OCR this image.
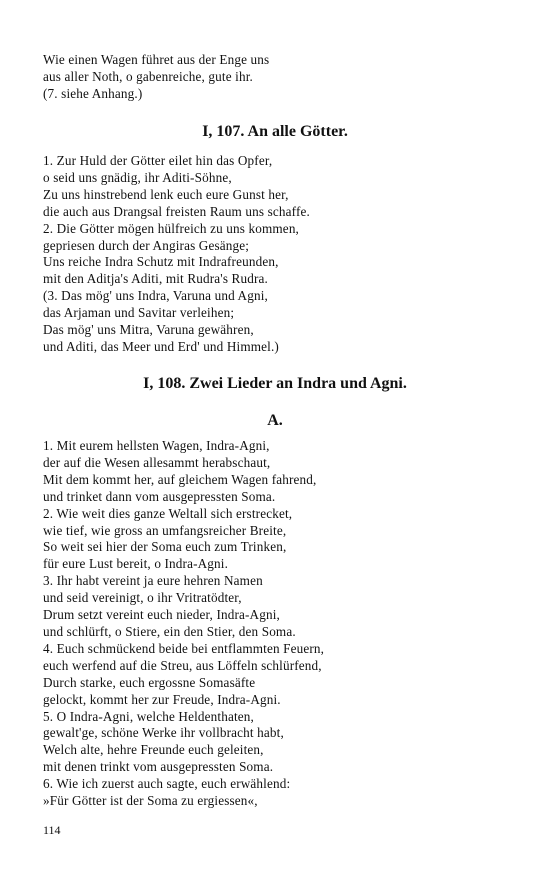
Wie einen Wagen führet aus der Enge uns
aus aller Noth, o gabenreiche, gute ihr.
(7. siehe Anhang.)
I, 107. An alle Götter.
1. Zur Huld der Götter eilet hin das Opfer,
o seid uns gnädig, ihr Aditi-Söhne,
Zu uns hinstrebend lenk euch eure Gunst her,
die auch aus Drangsal freisten Raum uns schaffe.
2. Die Götter mögen hülfreich zu uns kommen,
gepriesen durch der Angiras Gesänge;
Uns reiche Indra Schutz mit Indrafreunden,
mit den Aditja's Aditi, mit Rudra's Rudra.
(3. Das mög' uns Indra, Varuna und Agni,
das Arjaman und Savitar verleihen;
Das mög' uns Mitra, Varuna gewähren,
und Aditi, das Meer und Erd' und Himmel.)
I, 108. Zwei Lieder an Indra und Agni.
A.
1. Mit eurem hellsten Wagen, Indra-Agni,
der auf die Wesen allesammt herabschaut,
Mit dem kommt her, auf gleichem Wagen fahrend,
und trinket dann vom ausgepressten Soma.
2. Wie weit dies ganze Weltall sich erstrecket,
wie tief, wie gross an umfangsreicher Breite,
So weit sei hier der Soma euch zum Trinken,
für eure Lust bereit, o Indra-Agni.
3. Ihr habt vereint ja eure hehren Namen
und seid vereinigt, o ihr Vritratödter,
Drum setzt vereint euch nieder, Indra-Agni,
und schlürft, o Stiere, ein den Stier, den Soma.
4. Euch schmückend beide bei entflammten Feuern,
euch werfend auf die Streu, aus Löffeln schlürfend,
Durch starke, euch ergossne Somasäfte
gelockt, kommt her zur Freude, Indra-Agni.
5. O Indra-Agni, welche Heldenthaten,
gewalt'ge, schöne Werke ihr vollbracht habt,
Welch alte, hehre Freunde euch geleiten,
mit denen trinkt vom ausgepressten Soma.
6. Wie ich zuerst auch sagte, euch erwählend:
»Für Götter ist der Soma zu ergiessen«,
114
